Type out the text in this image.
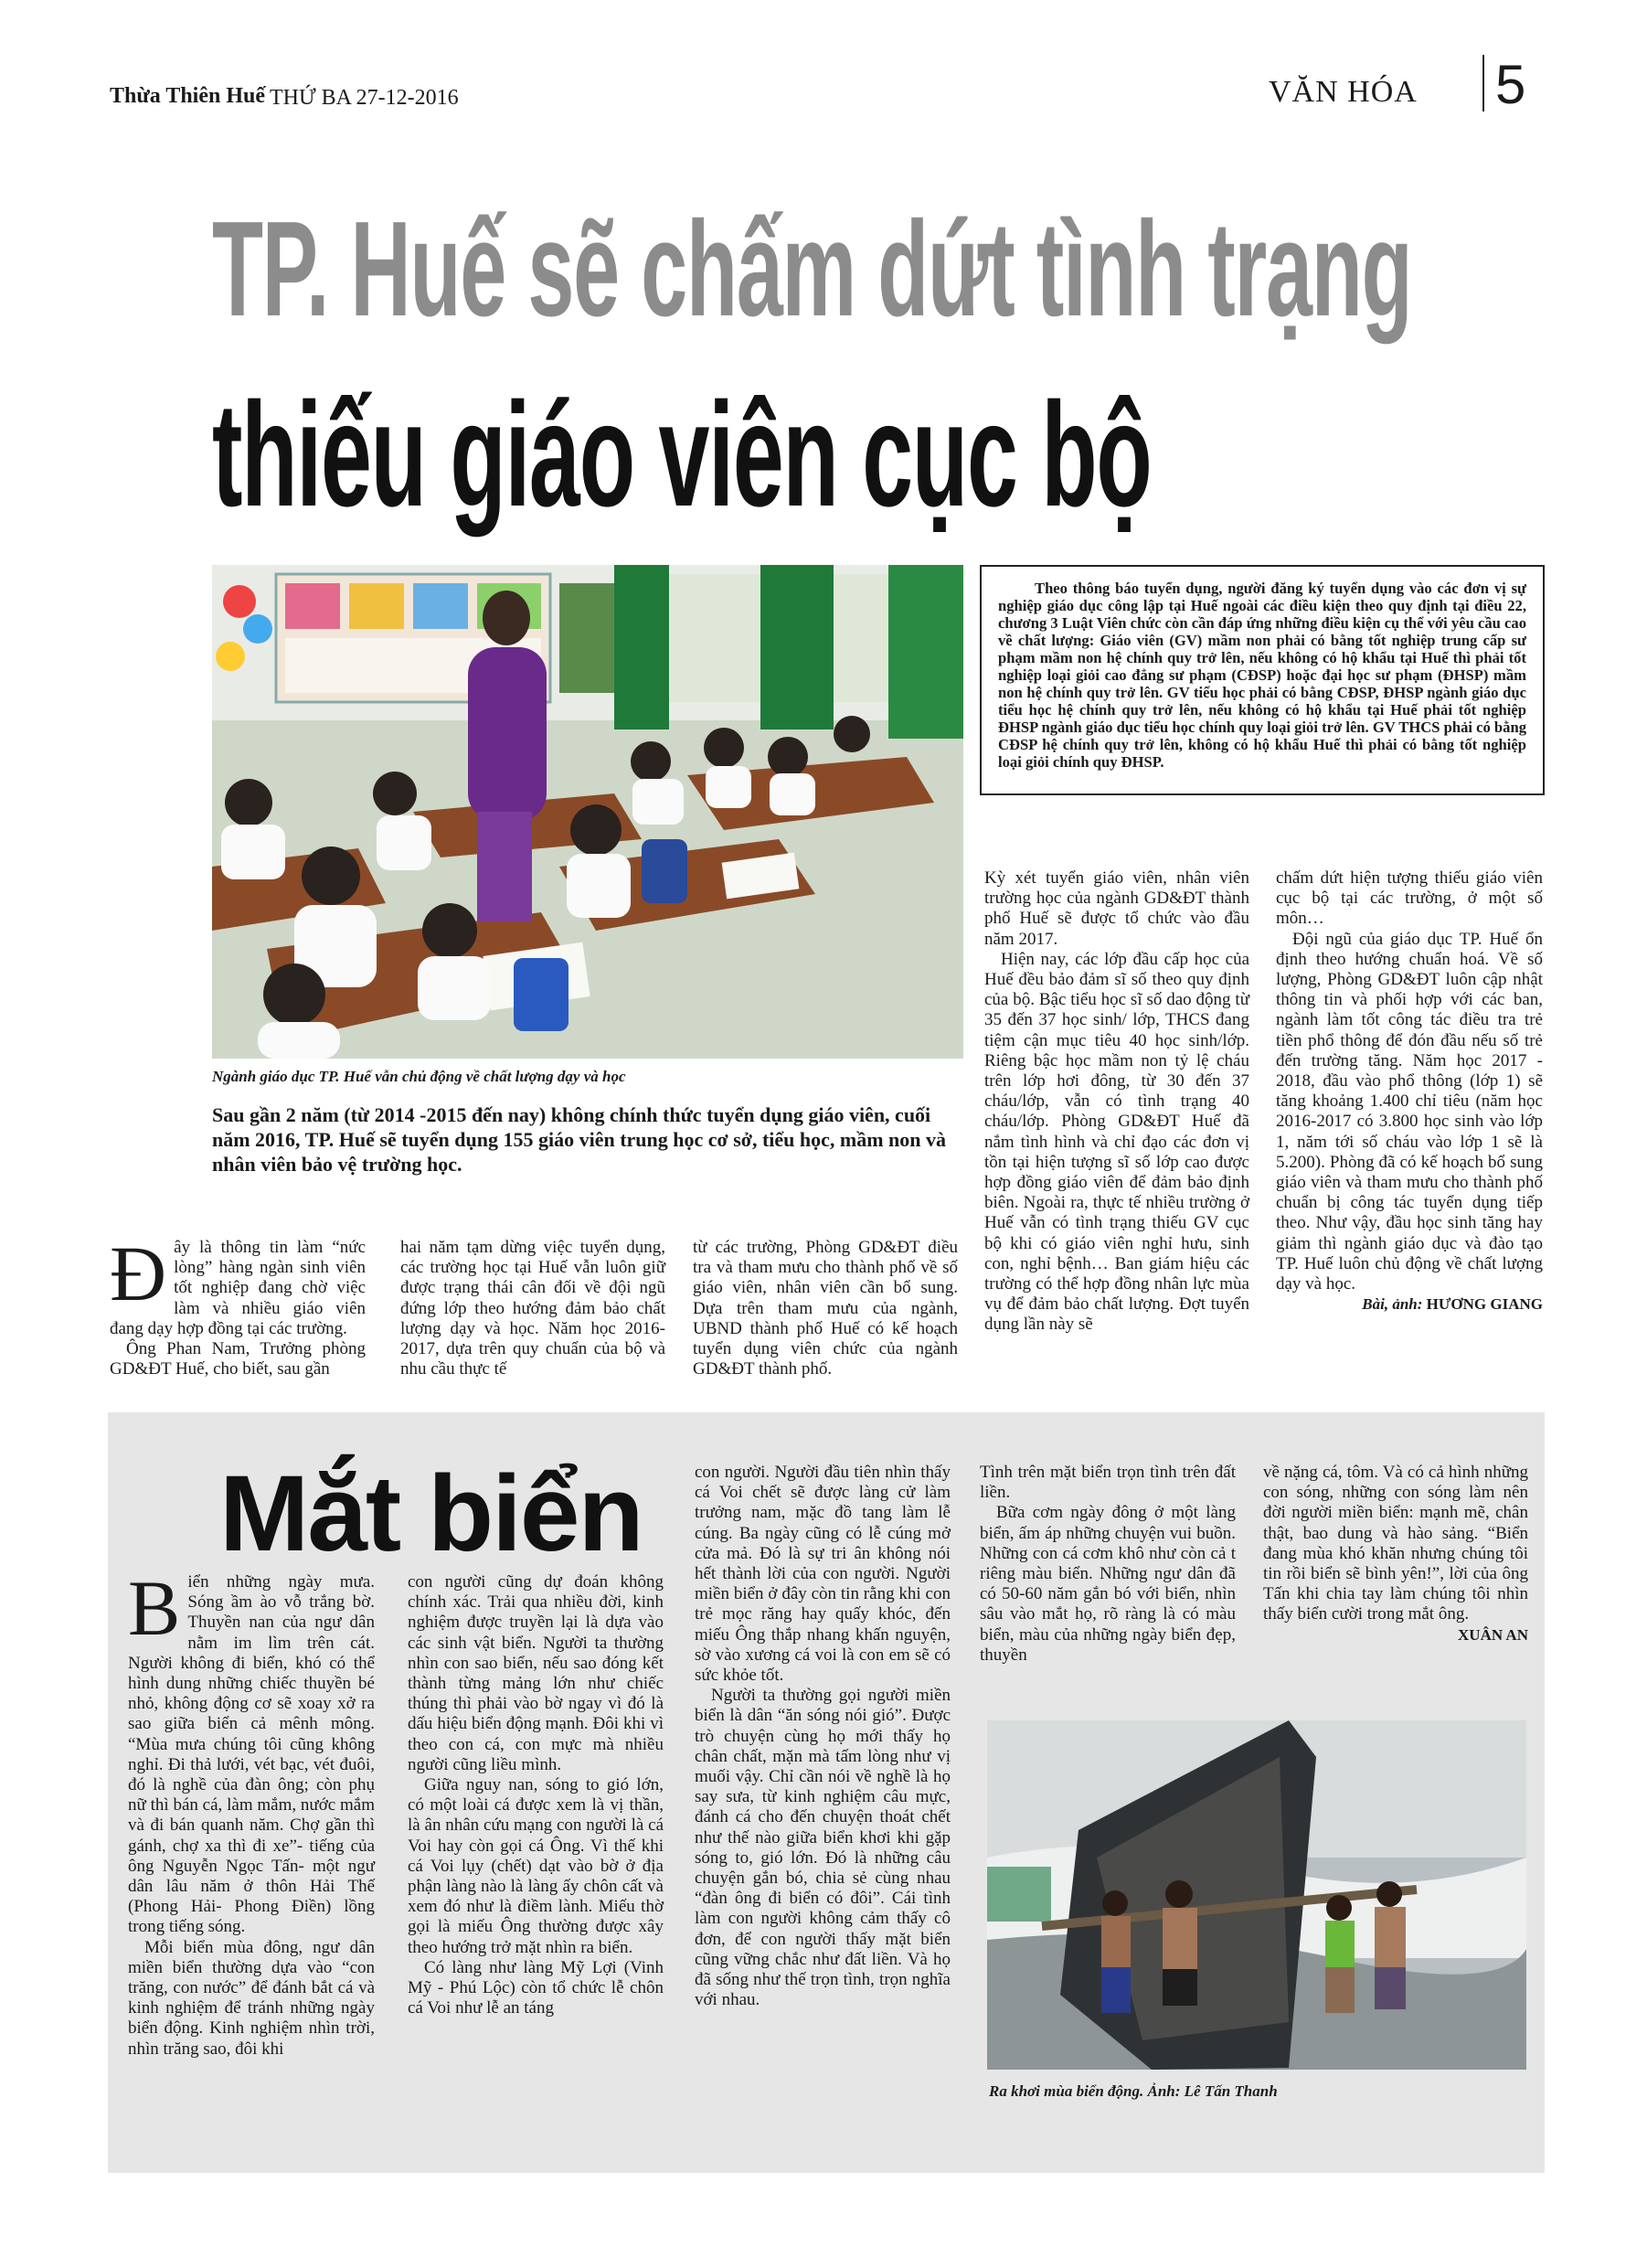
Thừa Thiên Huế THỨ BA 27-12-2016	VĂN HÓA 5
TP. Huế sẽ chấm dứt tình trạng
thiếu giáo viên cục bộ
Ngành giáo dục TP. Huế vẫn chủ động về chất lượng dạy và học
Theo thông báo tuyển dụng, người đăng ký tuyển dụng vào các đơn vị sự nghiệp giáo dục công lập tại Huế ngoài các điều kiện theo quy định tại điều 22, chương 3 Luật Viên chức còn cần đáp ứng những điều kiện cụ thể với yêu cầu cao về chất lượng: Giáo viên (GV) mầm non phải có bằng tốt nghiệp trung cấp sư phạm mầm non hệ chính quy trở lên, nếu không có hộ khẩu tại Huế thì phải tốt nghiệp loại giỏi cao đẳng sư phạm (CĐSP) hoặc đại học sư phạm (ĐHSP) mầm non hệ chính quy trở lên. GV tiểu học phải có bằng CĐSP, ĐHSP ngành giáo dục tiểu học hệ chính quy trở lên, nếu không có hộ khẩu tại Huế phải tốt nghiệp ĐHSP ngành giáo dục tiểu học chính quy loại giỏi trở lên. GV THCS phải có bằng CĐSP hệ chính quy trở lên, không có hộ khẩu Huế thì phải có bằng tốt nghiệp loại giỏi chính quy ĐHSP.
Sau gần 2 năm (từ 2014 -2015 đến nay) không chính thức tuyển dụng giáo viên, cuối năm 2016, TP. Huế sẽ tuyển dụng 155 giáo viên trung học cơ sở, tiểu học, mầm non và nhân viên bảo vệ trường học.

Đây là thông tin làm “nức lòng” hàng ngàn sinh viên tốt nghiệp đang chờ việc làm và nhiều giáo viên đang dạy hợp đồng tại các trường.

Ông Phan Nam, Trưởng phòng GD&ĐT Huế, cho biết, sau gần

hai năm tạm dừng việc tuyển dụng, các trường học tại Huế vẫn luôn giữ được trạng thái cân đối về đội ngũ đứng lớp theo hướng đảm bảo chất lượng dạy và học. Năm học 2016-2017, dựa trên quy chuẩn của bộ và nhu cầu thực tế

từ các trường, Phòng GD&ĐT điều tra và tham mưu cho thành phố về số giáo viên, nhân viên cần bổ sung. Dựa trên tham mưu của ngành, UBND thành phố Huế có kế hoạch tuyển dụng viên chức của ngành GD&ĐT thành phố.

Kỳ xét tuyển giáo viên, nhân viên trường học của ngành GD&ĐT thành phố Huế sẽ được tổ chức vào đầu năm 2017.

Hiện nay, các lớp đầu cấp học của Huế đều bảo đảm sĩ số theo quy định của bộ. Bậc tiểu học sĩ số dao động từ 35 đến 37 học sinh/ lớp, THCS đang tiệm cận mục tiêu 40 học sinh/lớp. Riêng bậc học mầm non tỷ lệ cháu trên lớp hơi đông, từ 30 đến 37 cháu/lớp, vẫn có tình trạng 40 cháu/lớp. Phòng GD&ĐT Huế đã nắm tình hình và chỉ đạo các đơn vị tồn tại hiện tượng sĩ số lớp cao được hợp đồng giáo viên để đảm bảo định biên. Ngoài ra, thực tế nhiều trường ở Huế vẫn có tình trạng thiếu GV cục bộ khi có giáo viên nghỉ hưu, sinh con, nghỉ bệnh… Ban giám hiệu các trường có thể hợp đồng nhân lực mùa vụ để đảm bảo chất lượng. Đợt tuyển dụng lần này sẽ

chấm dứt hiện tượng thiếu giáo viên cục bộ tại các trường, ở một số môn…

Đội ngũ của giáo dục TP. Huế ổn định theo hướng chuẩn hoá. Về số lượng, Phòng GD&ĐT luôn cập nhật thông tin và phối hợp với các ban, ngành làm tốt công tác điều tra trẻ tiền phổ thông để đón đầu nếu số trẻ đến trường tăng. Năm học 2017 - 2018, đầu vào phổ thông (lớp 1) sẽ tăng khoảng 1.400 chỉ tiêu (năm học 2016-2017 có 3.800 học sinh vào lớp 1, năm tới số cháu vào lớp 1 sẽ là 5.200). Phòng đã có kế hoạch bổ sung giáo viên và tham mưu cho thành phố chuẩn bị công tác tuyển dụng tiếp theo. Như vậy, đầu học sinh tăng hay giảm thì ngành giáo dục và đào tạo TP. Huế luôn chủ động về chất lượng dạy và học.

Bài, ảnh: HƯƠNG GIANG
Mắt biển

Biển những ngày mưa. Sóng ầm ào vỗ trắng bờ. Thuyền nan của ngư dân nằm im lìm trên cát. Người không đi biển, khó có thể hình dung những chiếc thuyền bé nhỏ, không động cơ sẽ xoay xở ra sao giữa biển cả mênh mông. “Mùa mưa chúng tôi cũng không nghỉ. Đi thả lưới, vét bạc, vét đuôi, đó là nghề của đàn ông; còn phụ nữ thì bán cá, làm mắm, nước mắm và đi bán quanh năm. Chợ gần thì gánh, chợ xa thì đi xe”- tiếng của ông Nguyễn Ngọc Tấn- một ngư dân lâu năm ở thôn Hải Thế (Phong Hải- Phong Điền) lồng trong tiếng sóng.

Mỗi biển mùa đông, ngư dân miền biển thường dựa vào “con trăng, con nước” để đánh bắt cá và kinh nghiệm để tránh những ngày biển động. Kinh nghiệm nhìn trời, nhìn trăng sao, đôi khi

con người cũng dự đoán không chính xác. Trải qua nhiều đời, kinh nghiệm được truyền lại là dựa vào các sinh vật biển. Người ta thường nhìn con sao biển, nếu sao đóng kết thành từng mảng lớn như chiếc thúng thì phải vào bờ ngay vì đó là dấu hiệu biển động mạnh. Đôi khi vì theo con cá, con mực mà nhiều người cũng liều mình.

Giữa nguy nan, sóng to gió lớn, có một loài cá được xem là vị thần, là ân nhân cứu mạng con người là cá Voi hay còn gọi cá Ông. Vì thế khi cá Voi lụy (chết) dạt vào bờ ở địa phận làng nào là làng ấy chôn cất và xem đó như là điềm lành. Miếu thờ gọi là miếu Ông thường được xây theo hướng trở mặt nhìn ra biển.

Có làng như làng Mỹ Lợi (Vinh Mỹ - Phú Lộc) còn tổ chức lễ chôn cá Voi như lễ an táng

con người. Người đầu tiên nhìn thấy cá Voi chết sẽ được làng cử làm trưởng nam, mặc đồ tang làm lễ cúng. Ba ngày cũng có lễ cúng mở cửa mả. Đó là sự tri ân không nói hết thành lời của con người. Người miền biển ở đây còn tin rằng khi con trẻ mọc răng hay quấy khóc, đến miếu Ông thắp nhang khấn nguyện, sờ vào xương cá voi là con em sẽ có sức khỏe tốt.

Người ta thường gọi người miền biển là dân “ăn sóng nói gió”. Được trò chuyện cùng họ mới thấy họ chân chất, mặn mà tấm lòng như vị muối vậy. Chỉ cần nói về nghề là họ say sưa, từ kinh nghiệm câu mực, đánh cá cho đến chuyện thoát chết như thế nào giữa biển khơi khi gặp sóng to, gió lớn. Đó là những câu chuyện gắn bó, chia sẻ cùng nhau “đàn ông đi biển có đôi”. Cái tình làm con người không cảm thấy cô đơn, để con người thấy mặt biển cũng vững chắc như đất liền. Và họ đã sống như thế trọn tình, trọn nghĩa với nhau.

Tình trên mặt biển trọn tình trên đất liền.

Bữa cơm ngày đông ở một làng biển, ấm áp những chuyện vui buồn. Những con cá cơm khô như còn cả t riêng màu biển. Những ngư dân đã có 50-60 năm gắn bó với biển, nhìn sâu vào mắt họ, rõ ràng là có màu biển, màu của những ngày biển đẹp, thuyền

về nặng cá, tôm. Và có cả hình những con sóng, những con sóng làm nên đời người miền biển: mạnh mẽ, chân thật, bao dung và hào sảng. “Biển đang mùa khó khăn nhưng chúng tôi tin rồi biển sẽ bình yên!”, lời của ông Tấn khi chia tay làm chúng tôi nhìn thấy biển cười trong mắt ông.

XUÂN AN
Ra khơi mùa biển động. Ảnh: Lê Tấn Thanh
